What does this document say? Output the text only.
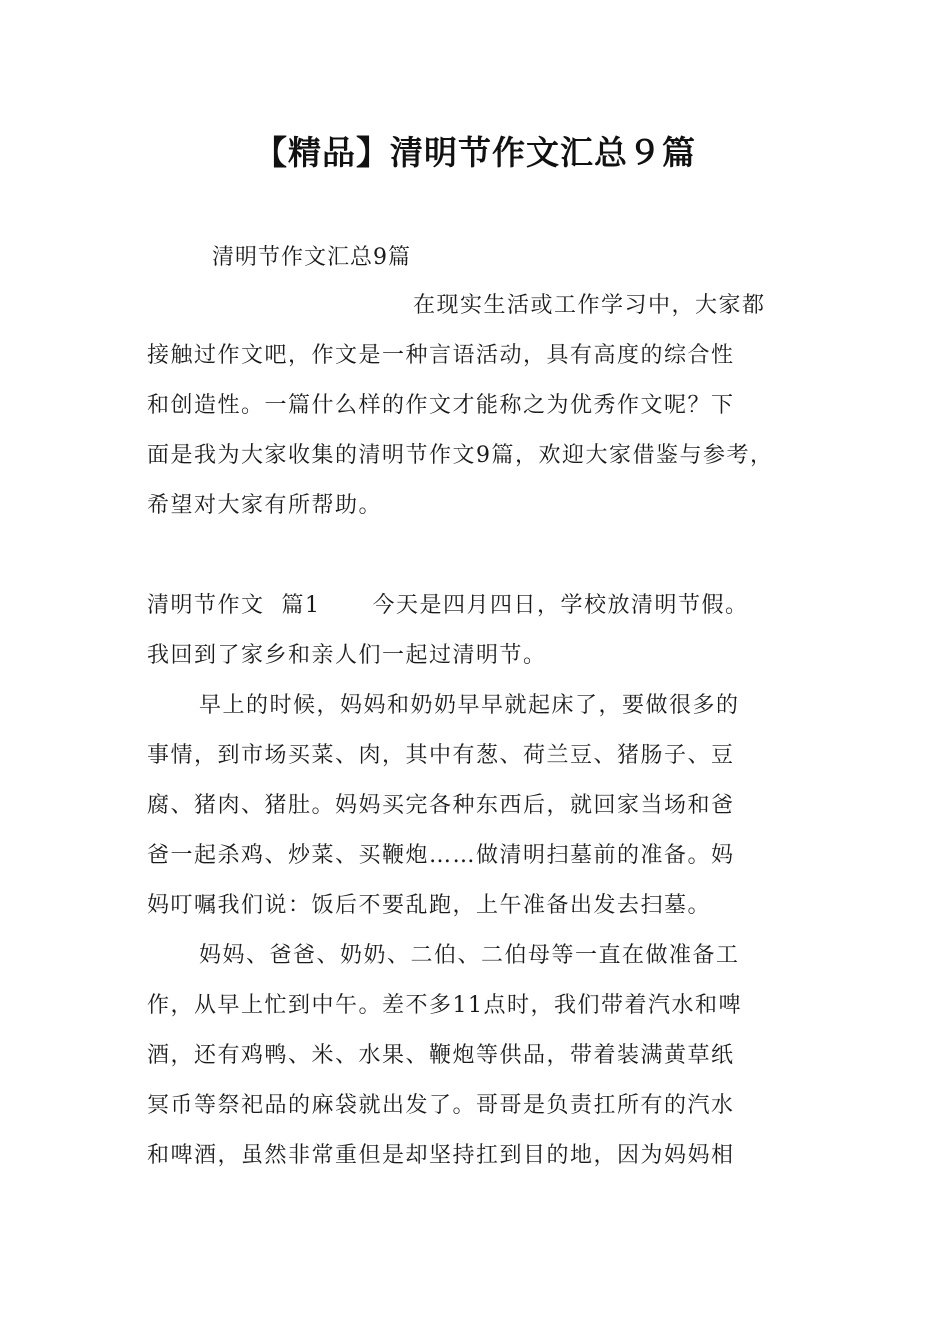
【精品】清明节作文汇总９篇
清明节作文汇总9篇
在现实生活或工作学习中，大家都
接触过作文吧，作文是一种言语活动，具有高度的综合性
和创造性。一篇什么样的作文才能称之为优秀作文呢？下
面是我为大家收集的清明节作文9篇，欢迎大家借鉴与参考，
希望对大家有所帮助。
清明节作文  篇1 今天是四月四日，学校放清明节假。
我回到了家乡和亲人们一起过清明节。
早上的时候，妈妈和奶奶早早就起床了，要做很多的
事情，到市场买菜、肉，其中有葱、荷兰豆、猪肠子、豆
腐、猪肉、猪肚。妈妈买完各种东西后，就回家当场和爸
爸一起杀鸡、炒菜、买鞭炮……做清明扫墓前的准备。妈
妈叮嘱我们说：饭后不要乱跑，上午准备出发去扫墓。
妈妈、爸爸、奶奶、二伯、二伯母等一直在做准备工
作，从早上忙到中午。差不多11点时，我们带着汽水和啤
酒，还有鸡鸭、米、水果、鞭炮等供品，带着装满黄草纸
冥币等祭祀品的麻袋就出发了。哥哥是负责扛所有的汽水
和啤酒，虽然非常重但是却坚持扛到目的地，因为妈妈相
